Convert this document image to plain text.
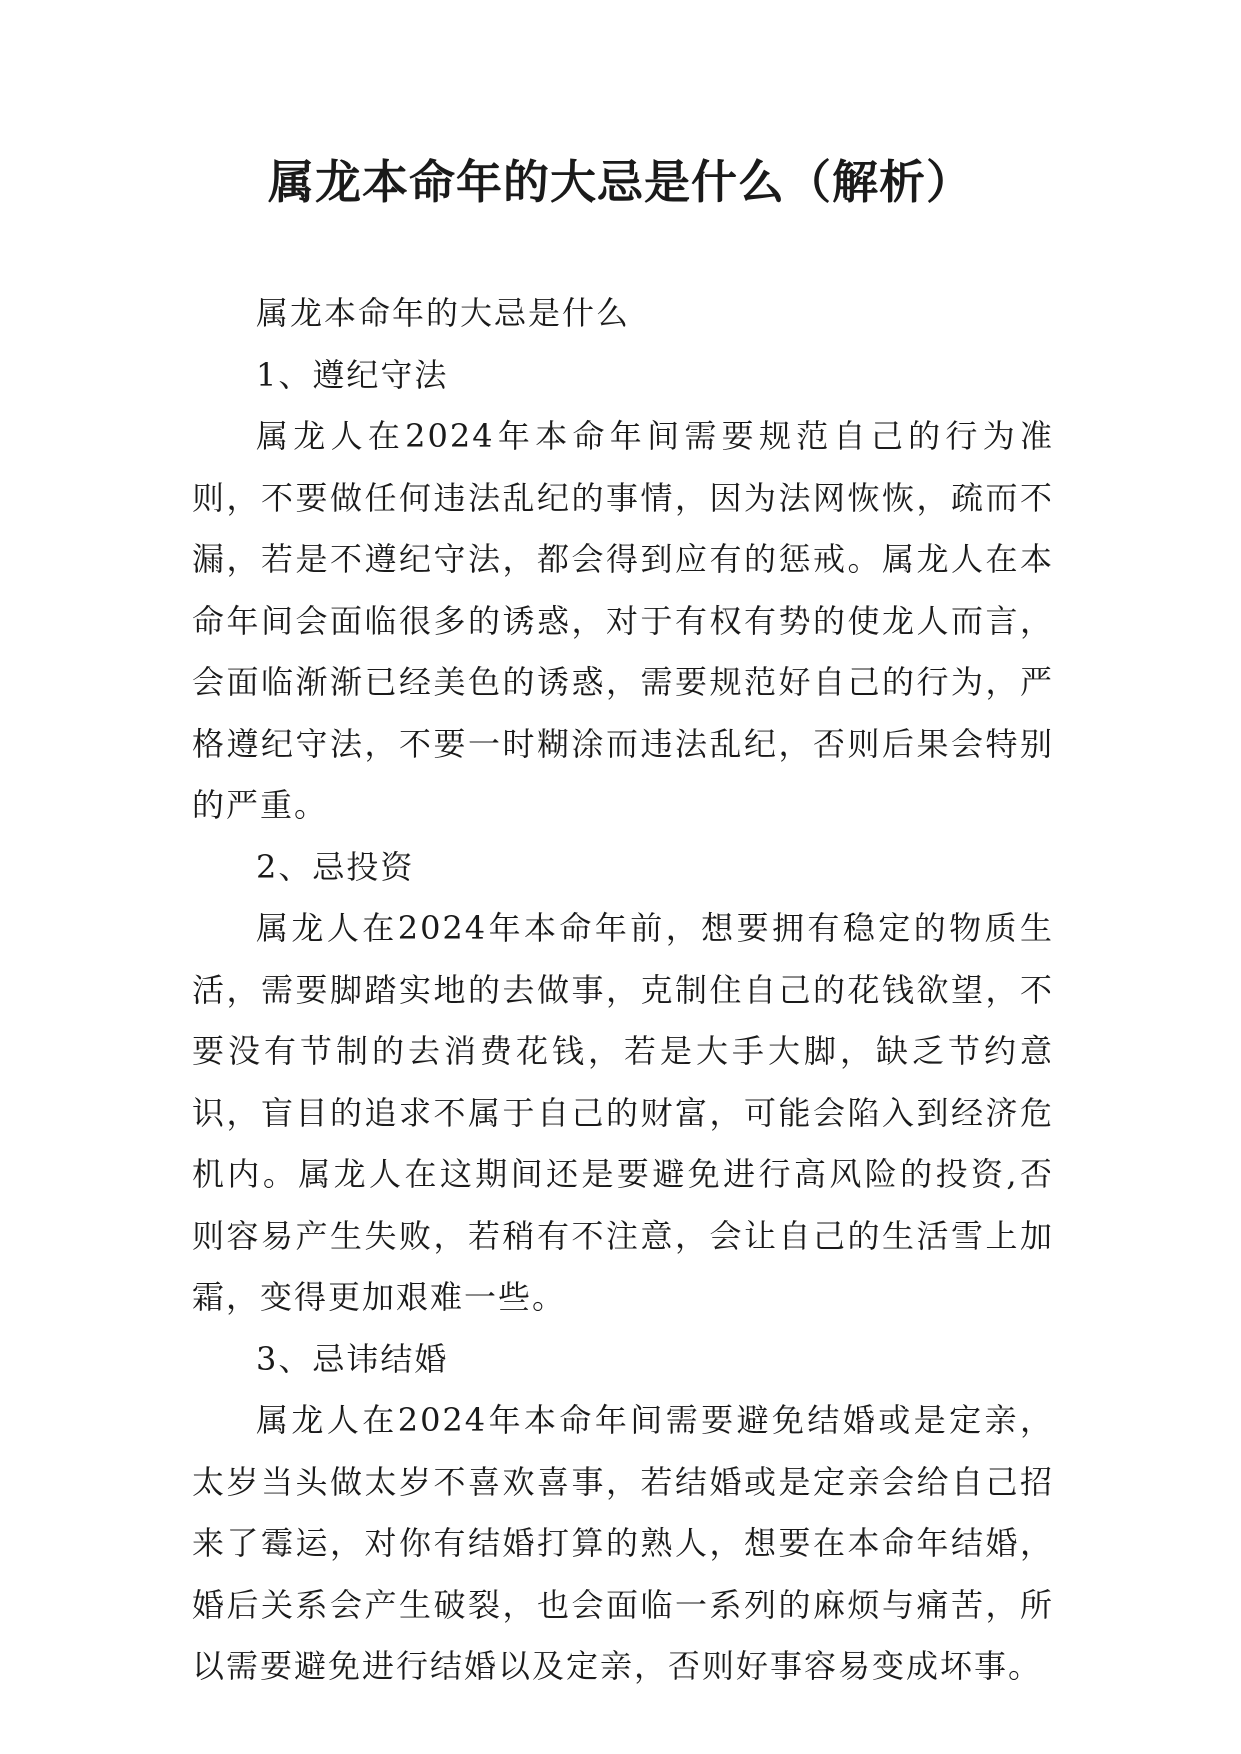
属龙本命年的大忌是什么（解析）

属龙本命年的大忌是什么

1、遵纪守法

属龙人在2024年本命年间需要规范自己的行为准则，不要做任何违法乱纪的事情，因为法网恢恢，疏而不漏，若是不遵纪守法，都会得到应有的惩戒。属龙人在本命年间会面临很多的诱惑，对于有权有势的使龙人而言，会面临渐渐已经美色的诱惑，需要规范好自己的行为，严格遵纪守法，不要一时糊涂而违法乱纪，否则后果会特别的严重。

2、忌投资

属龙人在2024年本命年前，想要拥有稳定的物质生活，需要脚踏实地的去做事，克制住自己的花钱欲望，不要没有节制的去消费花钱，若是大手大脚，缺乏节约意识，盲目的追求不属于自己的财富，可能会陷入到经济危机内。属龙人在这期间还是要避免进行高风险的投资,否则容易产生失败，若稍有不注意，会让自己的生活雪上加霜，变得更加艰难一些。

3、忌讳结婚

属龙人在2024年本命年间需要避免结婚或是定亲，太岁当头做太岁不喜欢喜事，若结婚或是定亲会给自己招来了霉运，对你有结婚打算的熟人，想要在本命年结婚，婚后关系会产生破裂，也会面临一系列的麻烦与痛苦，所以需要避免进行结婚以及定亲，否则好事容易变成坏事。
